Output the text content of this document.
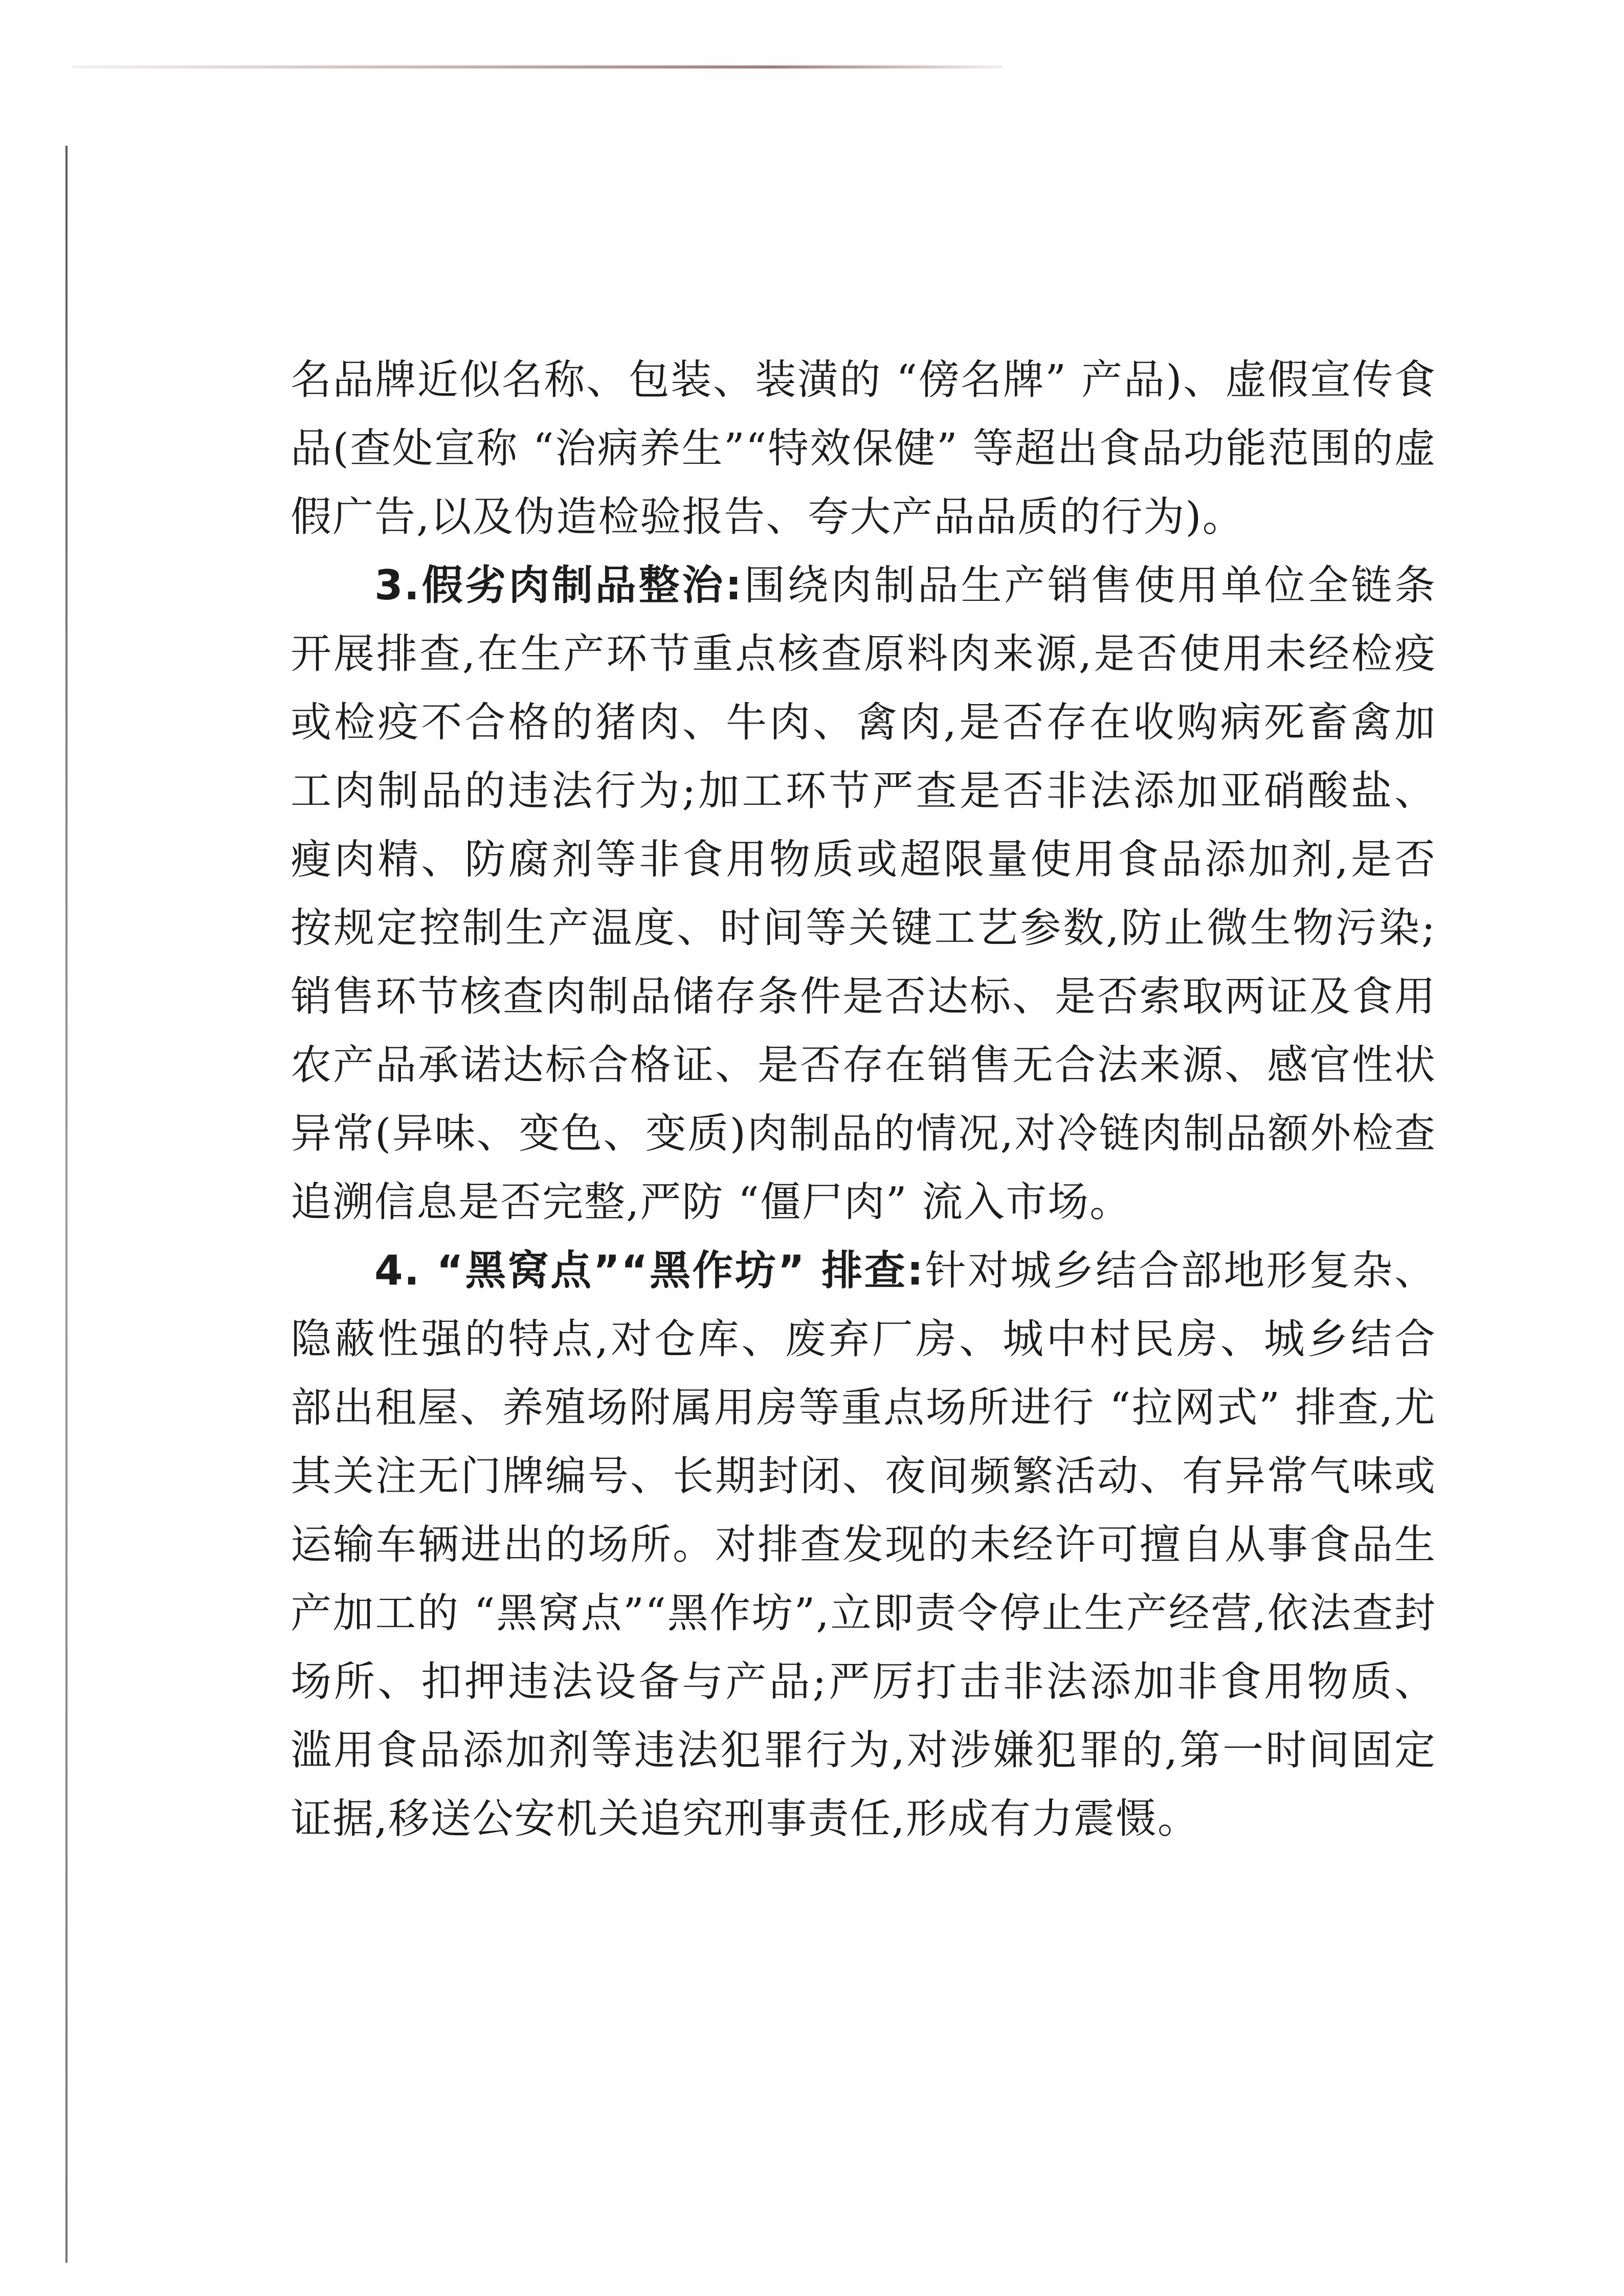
名品牌近似名称、包装、装潢的 “傍名牌” 产品)、虚假宣传食品(查处宣称 “治病养生”“特效保健” 等超出食品功能范围的虚假广告,以及伪造检验报告、夸大产品品质的行为)。

3.假劣肉制品整治:围绕肉制品生产销售使用单位全链条开展排查,在生产环节重点核查原料肉来源,是否使用未经检疫或检疫不合格的猪肉、牛肉、禽肉,是否存在收购病死畜禽加工肉制品的违法行为;加工环节严查是否非法添加亚硝酸盐、瘦肉精、防腐剂等非食用物质或超限量使用食品添加剂,是否按规定控制生产温度、时间等关键工艺参数,防止微生物污染;销售环节核查肉制品储存条件是否达标、是否索取两证及食用农产品承诺达标合格证、是否存在销售无合法来源、感官性状异常(异味、变色、变质)肉制品的情况,对冷链肉制品额外检查追溯信息是否完整,严防 “僵尸肉” 流入市场。

4. “黑窝点”“黑作坊” 排查:针对城乡结合部地形复杂、隐蔽性强的特点,对仓库、废弃厂房、城中村民房、城乡结合部出租屋、养殖场附属用房等重点场所进行 “拉网式” 排查,尤其关注无门牌编号、长期封闭、夜间频繁活动、有异常气味或运输车辆进出的场所。对排查发现的未经许可擅自从事食品生产加工的 “黑窝点”“黑作坊”,立即责令停止生产经营,依法查封场所、扣押违法设备与产品;严厉打击非法添加非食用物质、滥用食品添加剂等违法犯罪行为,对涉嫌犯罪的,第一时间固定证据,移送公安机关追究刑事责任,形成有力震慑。
